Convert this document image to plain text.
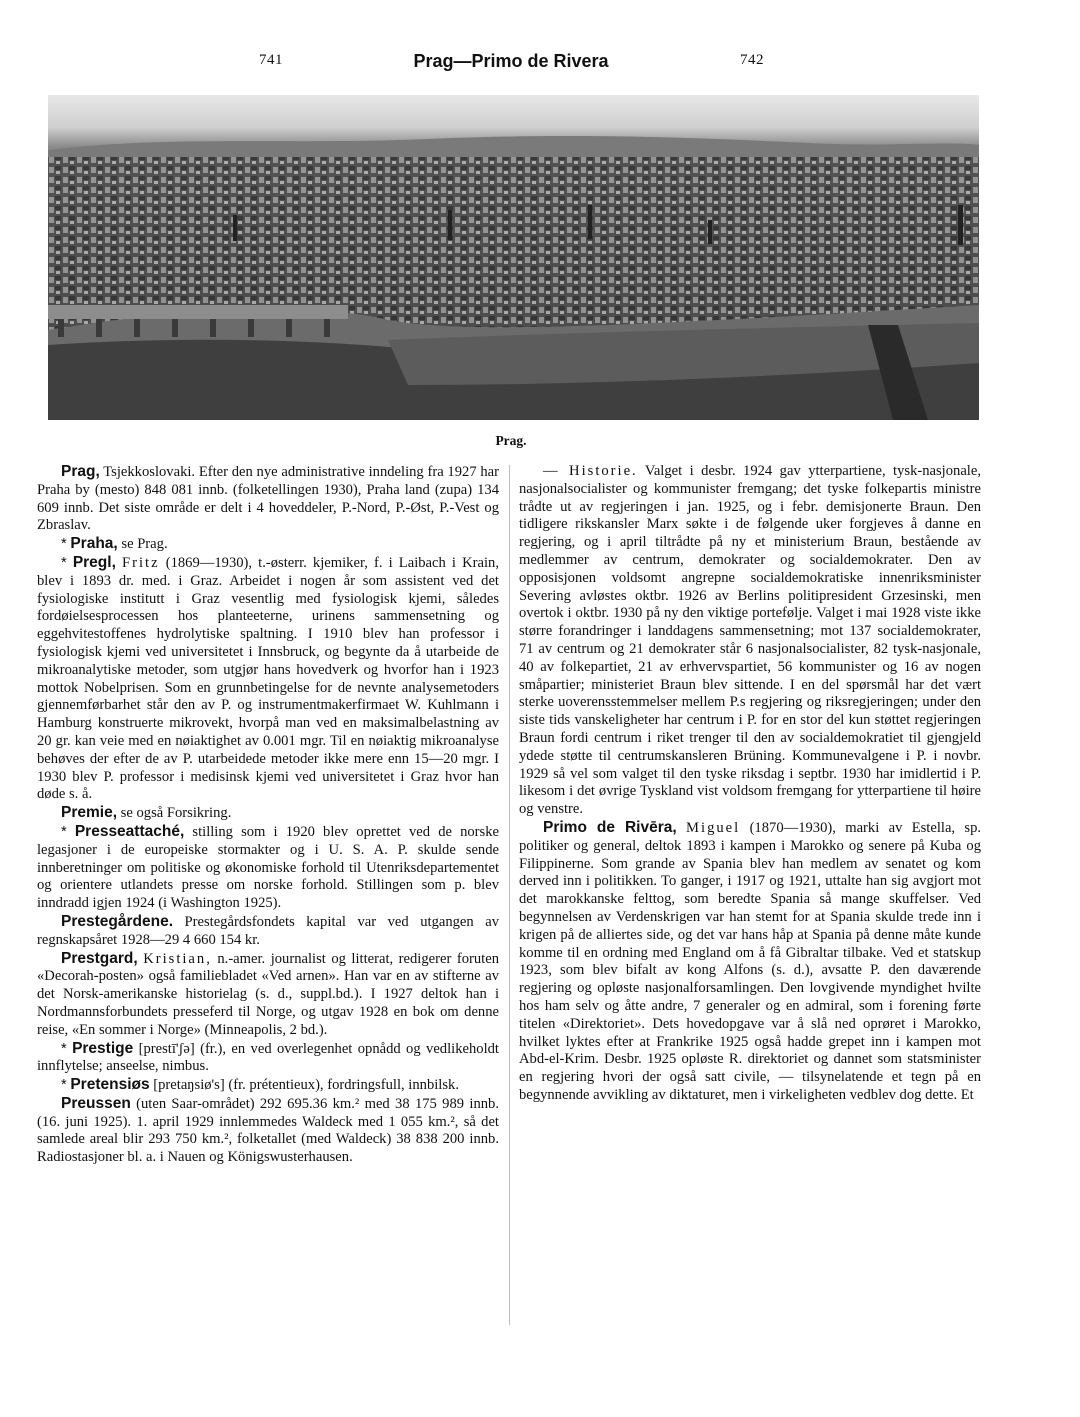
741	Prag—Primo de Rivera	742
Prag.

Prag, Tsjekkoslovaki. Efter den nye administrative inndeling fra 1927 har Praha by (mesto) 848 081 innb. (folketellingen 1930), Praha land (zupa) 134 609 innb. Det siste område er delt i 4 hoveddeler, P.-Nord, P.-Øst, P.-Vest og Zbraslav.

* Praha, se Prag.

* Pregl, Fritz (1869—1930), t.-østerr. kjemiker, f. i Laibach i Krain, blev i 1893 dr. med. i Graz. Arbeidet i nogen år som assistent ved det fysiologiske institutt i Graz vesentlig med fysiologisk kjemi, således fordøielsesprocessen hos planteeterne, urinens sammensetning og eggehvitestoffenes hydrolytiske spaltning. I 1910 blev han professor i fysiologisk kjemi ved universitetet i Innsbruck, og begynte da å utarbeide de mikroanalytiske metoder, som utgjør hans hovedverk og hvorfor han i 1923 mottok Nobelprisen. Som en grunnbetingelse for de nevnte analysemetoders gjennemførbarhet står den av P. og instrumentmakerfirmaet W. Kuhlmann i Hamburg konstruerte mikrovekt, hvorpå man ved en maksimalbelastning av 20 gr. kan veie med en nøiaktighet av 0.001 mgr. Til en nøiaktig mikroanalyse behøves der efter de av P. utarbeidede metoder ikke mere enn 15—20 mgr. I 1930 blev P. professor i medisinsk kjemi ved universitetet i Graz hvor han døde s. å.

Premie, se også Forsikring.

* Presseattaché, stilling som i 1920 blev oprettet ved de norske legasjoner i de europeiske stormakter og i U. S. A. P. skulde sende innberetninger om politiske og økonomiske forhold til Utenriksdepartementet og orientere utlandets presse om norske forhold. Stillingen som p. blev inndradd igjen 1924 (i Washington 1925).

Prestegårdene. Prestegårdsfondets kapital var ved utgangen av regnskapsåret 1928—29 4 660 154 kr.

Prestgard, Kristian, n.-amer. journalist og litterat, redigerer foruten «Decorah-posten» også familiebladet «Ved arnen». Han var en av stifterne av det Norsk-amerikanske historielag (s. d., suppl.bd.). I 1927 deltok han i Nordmannsforbundets presseferd til Norge, og utgav 1928 en bok om denne reise, «En sommer i Norge» (Minneapolis, 2 bd.).

* Prestige [prestī'ʃə] (fr.), en ved overlegenhet opnådd og vedlikeholdt innflytelse; anseelse, nimbus.

* Pretensiøs [pretaŋsiø's] (fr. prétentieux), fordringsfull, innbilsk.

Preussen (uten Saar-området) 292 695.36 km.² med 38 175 989 innb. (16. juni 1925). 1. april 1929 innlemmedes Waldeck med 1 055 km.², så det samlede areal blir 293 750 km.², folketallet (med Waldeck) 38 838 200 innb. Radiostasjoner bl. a. i Nauen og Königswusterhausen.

— Historie. Valget i desbr. 1924 gav ytterpartiene, tysk-nasjonale, nasjonalsocialister og kommunister fremgang; det tyske folkepartis ministre trådte ut av regjeringen i jan. 1925, og i febr. demisjonerte Braun. Den tidligere rikskansler Marx søkte i de følgende uker forgjeves å danne en regjering, og i april tiltrådte på ny et ministerium Braun, bestående av medlemmer av centrum, demokrater og socialdemokrater. Den av opposisjonen voldsomt angrepne socialdemokratiske innenriksminister Severing avløstes oktbr. 1926 av Berlins politipresident Grzesinski, men overtok i oktbr. 1930 på ny den viktige portefølje. Valget i mai 1928 viste ikke større forandringer i landdagens sammensetning; mot 137 socialdemokrater, 71 av centrum og 21 demokrater står 6 nasjonalsocialister, 82 tysk-nasjonale, 40 av folkepartiet, 21 av erhvervspartiet, 56 kommunister og 16 av nogen småpartier; ministeriet Braun blev sittende. I en del spørsmål har det vært sterke uoverensstemmelser mellem P.s regjering og riksregjeringen; under den siste tids vanskeligheter har centrum i P. for en stor del kun støttet regjeringen Braun fordi centrum i riket trenger til den av socialdemokratiet til gjengjeld ydede støtte til centrumskansleren Brüning. Kommunevalgene i P. i novbr. 1929 så vel som valget til den tyske riksdag i septbr. 1930 har imidlertid i P. likesom i det øvrige Tyskland vist voldsom fremgang for ytterpartiene til høire og venstre.

Primo de Rivēra, Miguel (1870—1930), marki av Estella, sp. politiker og general, deltok 1893 i kampen i Marokko og senere på Kuba og Filippinerne. Som grande av Spania blev han medlem av senatet og kom derved inn i politikken. To ganger, i 1917 og 1921, uttalte han sig avgjort mot det marokkanske felttog, som beredte Spania så mange skuffelser. Ved begynnelsen av Verdenskrigen var han stemt for at Spania skulde trede inn i krigen på de alliertes side, og det var hans håp at Spania på denne måte kunde komme til en ordning med England om å få Gibraltar tilbake. Ved et statskup 1923, som blev bifalt av kong Alfons (s. d.), avsatte P. den daværende regjering og opløste nasjonalforsamlingen. Den lovgivende myndighet hvilte hos ham selv og åtte andre, 7 generaler og en admiral, som i forening førte titelen «Direktoriet». Dets hovedopgave var å slå ned oprøret i Marokko, hvilket lyktes efter at Frankrike 1925 også hadde grepet inn i kampen mot Abd-el-Krim. Desbr. 1925 opløste R. direktoriet og dannet som statsminister en regjering hvori der også satt civile, — tilsynelatende et tegn på en begynnende avvikling av diktaturet, men i virkeligheten vedblev dog dette. Et
